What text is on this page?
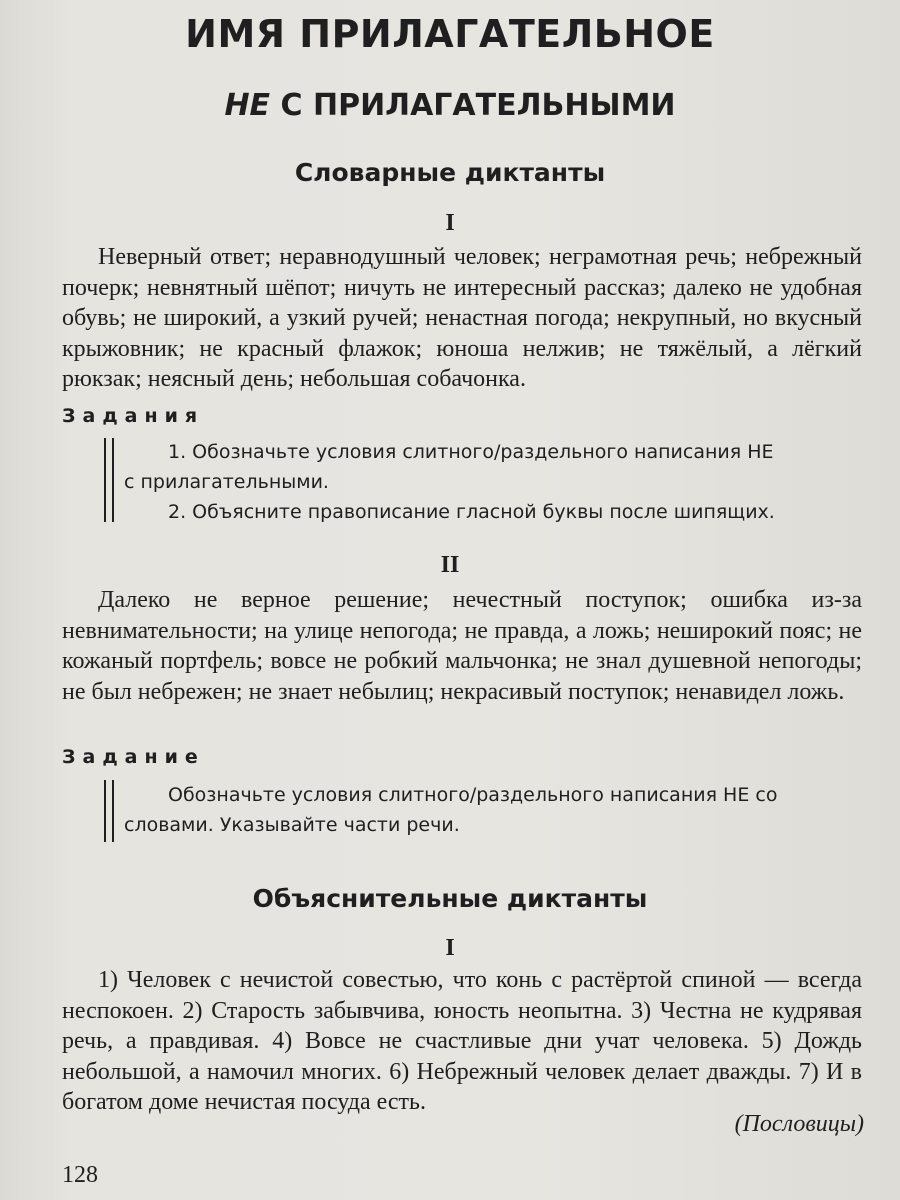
ИМЯ ПРИЛАГАТЕЛЬНОЕ
НЕ С ПРИЛАГАТЕЛЬНЫМИ
Словарные диктанты
I

Неверный ответ; неравнодушный человек; неграмотная речь; небрежный почерк; невнятный шёпот; ничуть не интересный рассказ; далеко не удобная обувь; не широкий, а узкий ручей; ненастная погода; некрупный, но вкусный крыжовник; не красный флажок; юноша нелжив; не тяжёлый, а лёгкий рюкзак; неясный день; небольшая собачонка.

Задания
1. Обозначьте условия слитного/раздельного написания НЕ
с прилагательными.
2. Объясните правописание гласной буквы после шипящих.
II

Далеко не верное решение; нечестный поступок; ошибка из-за невнимательности; на улице непогода; не правда, а ложь; неширокий пояс; не кожаный портфель; вовсе не робкий мальчонка; не знал душевной непогоды; не был небрежен; не знает небылиц; некрасивый поступок; ненавидел ложь.

Задание
Обозначьте условия слитного/раздельного написания НЕ со
словами. Указывайте части речи.
Объяснительные диктанты
I

1) Человек с нечистой совестью, что конь с растёртой спиной — всегда неспокоен. 2) Старость забывчива, юность неопытна. 3) Честна не кудрявая речь, а правдивая. 4) Вовсе не счастливые дни учат человека. 5) Дождь небольшой, а намочил многих. 6) Небрежный человек делает дважды. 7) И в богатом доме нечистая посуда есть.

(Пословицы)
128
